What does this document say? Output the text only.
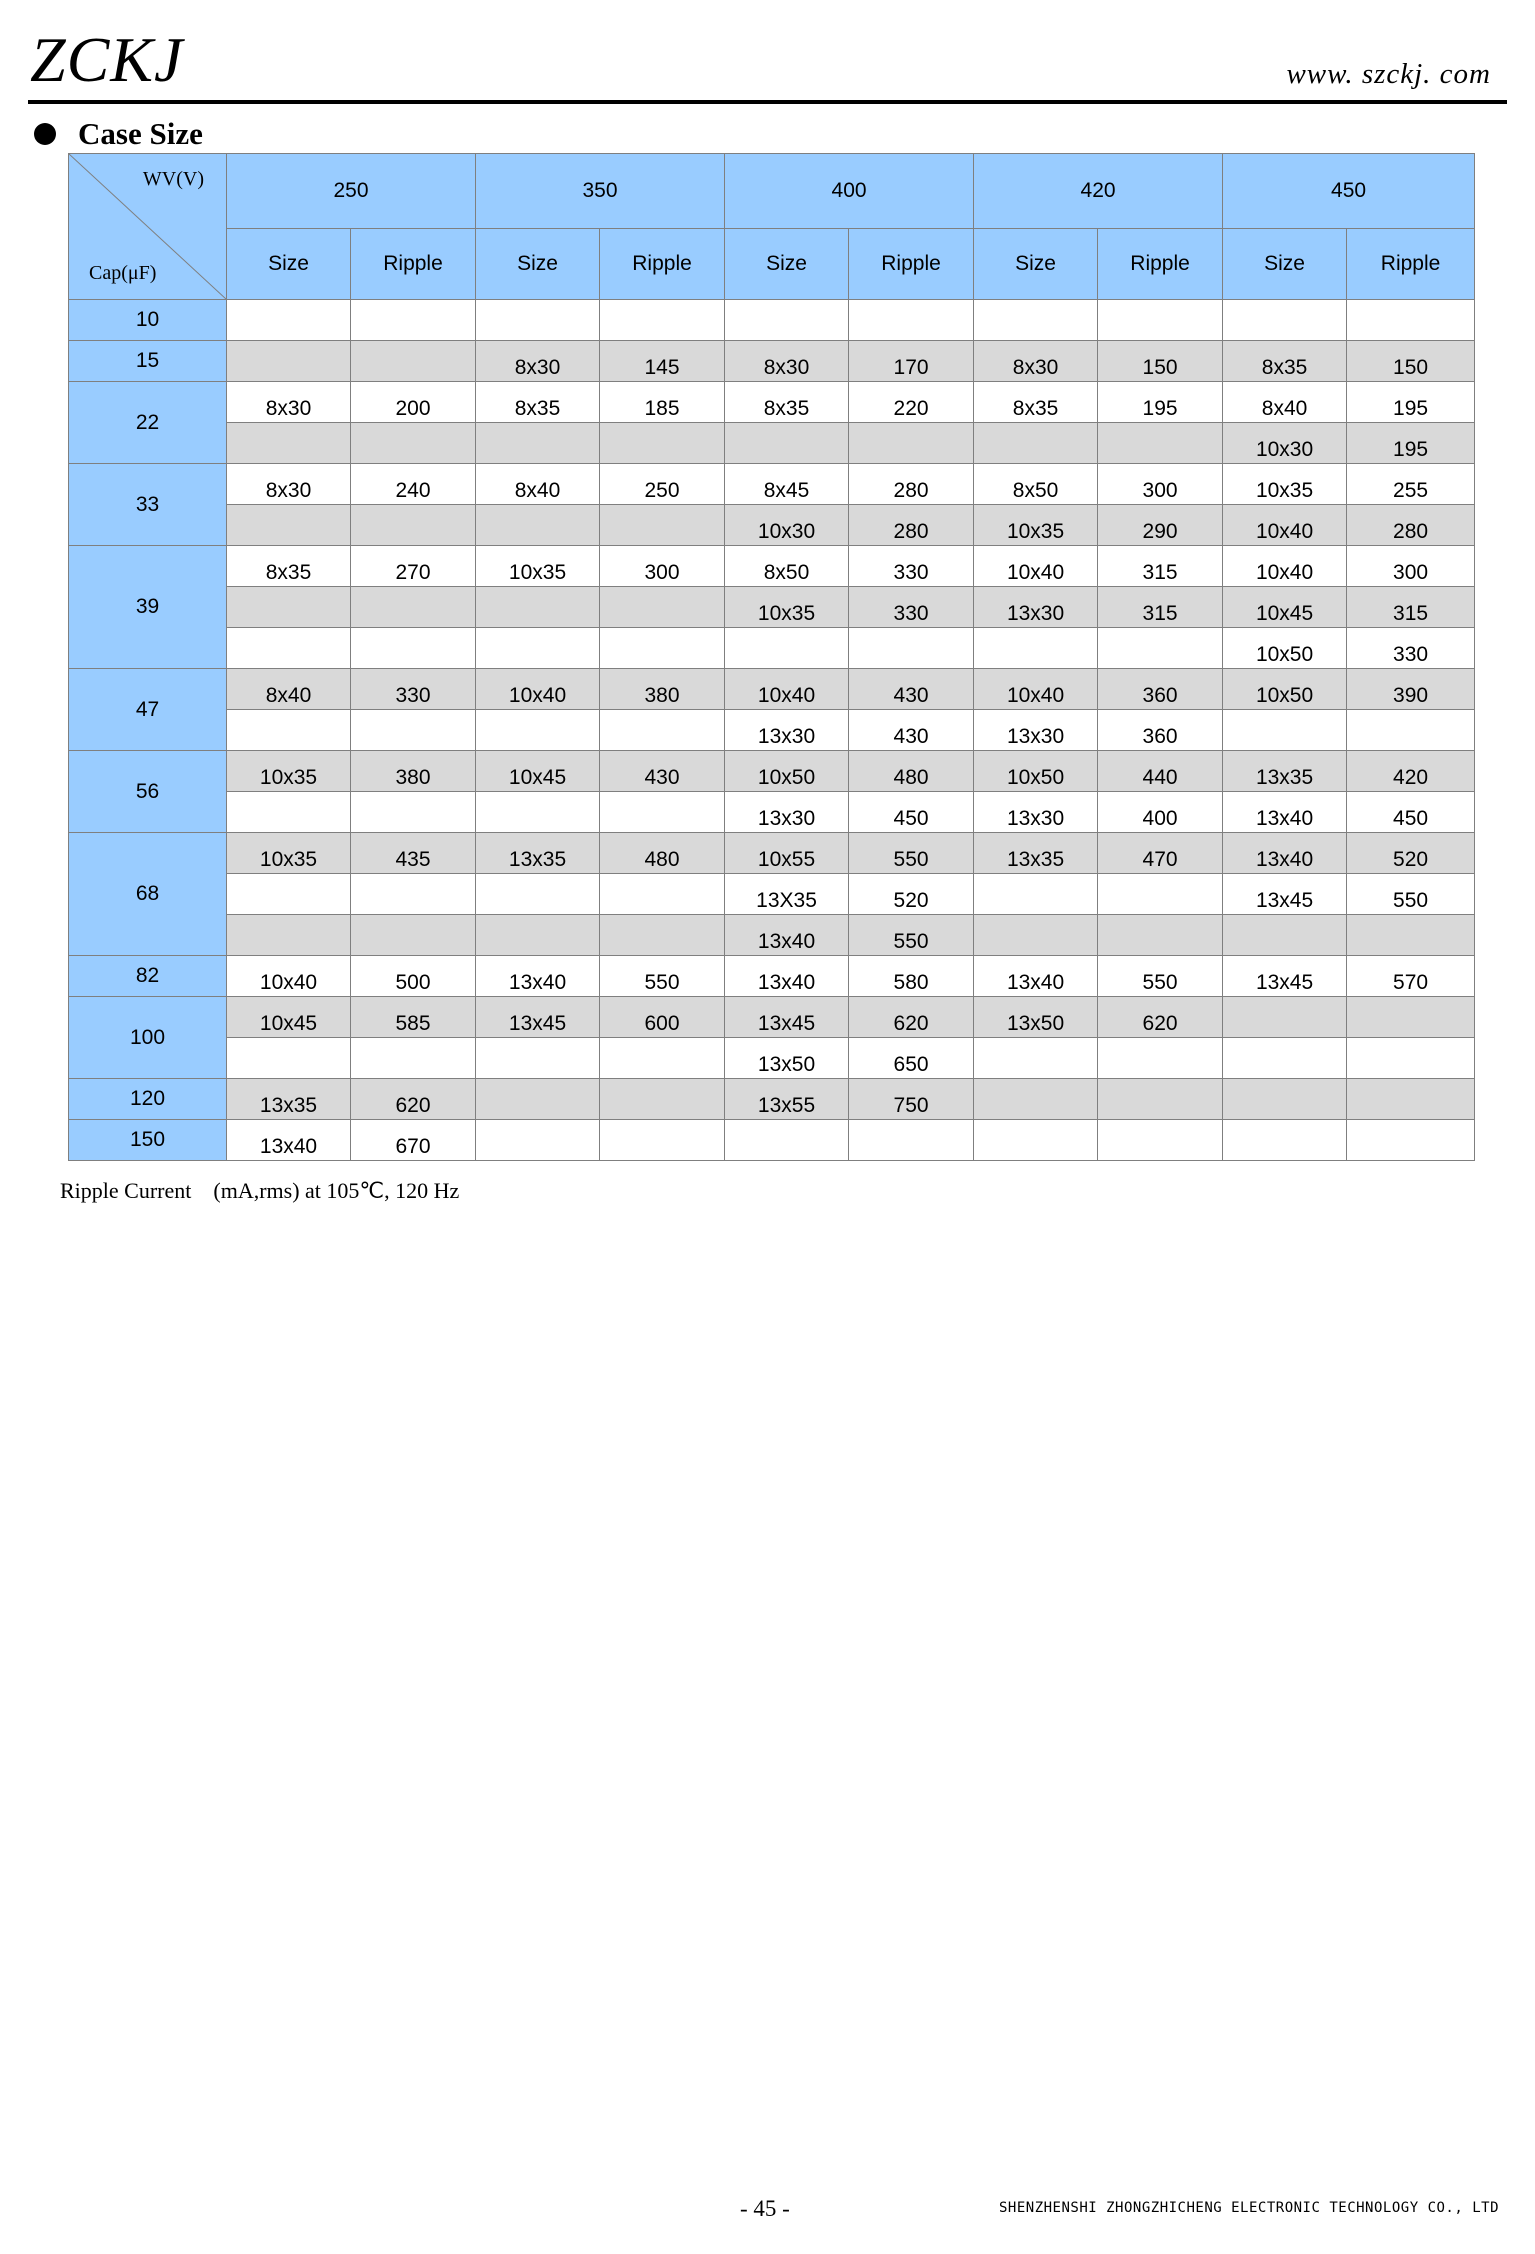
ZCKJ	www. szckj. com
Case Size
WV(V)
Cap(μF)	250		350		400		420		450	
	Size	Ripple	Size	Ripple	Size	Ripple	Size	Ripple	Size	Ripple
10										
15			8x30	145	8x30	170	8x30	150	8x35	150
22	8x30	200	8x35	185	8x35	220	8x35	195	8x40	195
									10x30	195
33	8x30	240	8x40	250	8x45	280	8x50	300	10x35	255
					10x30	280	10x35	290	10x40	280
39	8x35	270	10x35	300	8x50	330	10x40	315	10x40	300
					10x35	330	13x30	315	10x45	315
									10x50	330
47	8x40	330	10x40	380	10x40	430	10x40	360	10x50	390
					13x30	430	13x30	360		
56	10x35	380	10x45	430	10x50	480	10x50	440	13x35	420
					13x30	450	13x30	400	13x40	450
68	10x35	435	13x35	480	10x55	550	13x35	470	13x40	520
					13X35	520			13x45	550
					13x40	550				
82	10x40	500	13x40	550	13x40	580	13x40	550	13x45	570
100	10x45	585	13x45	600	13x45	620	13x50	620		
					13x50	650				
120	13x35	620			13x55	750				
150	13x40	670								
Ripple Current (mA,rms) at 105℃, 120 Hz
- 45 -	SHENZHENSHI ZHONGZHICHENG ELECTRONIC TECHNOLOGY CO., LTD
